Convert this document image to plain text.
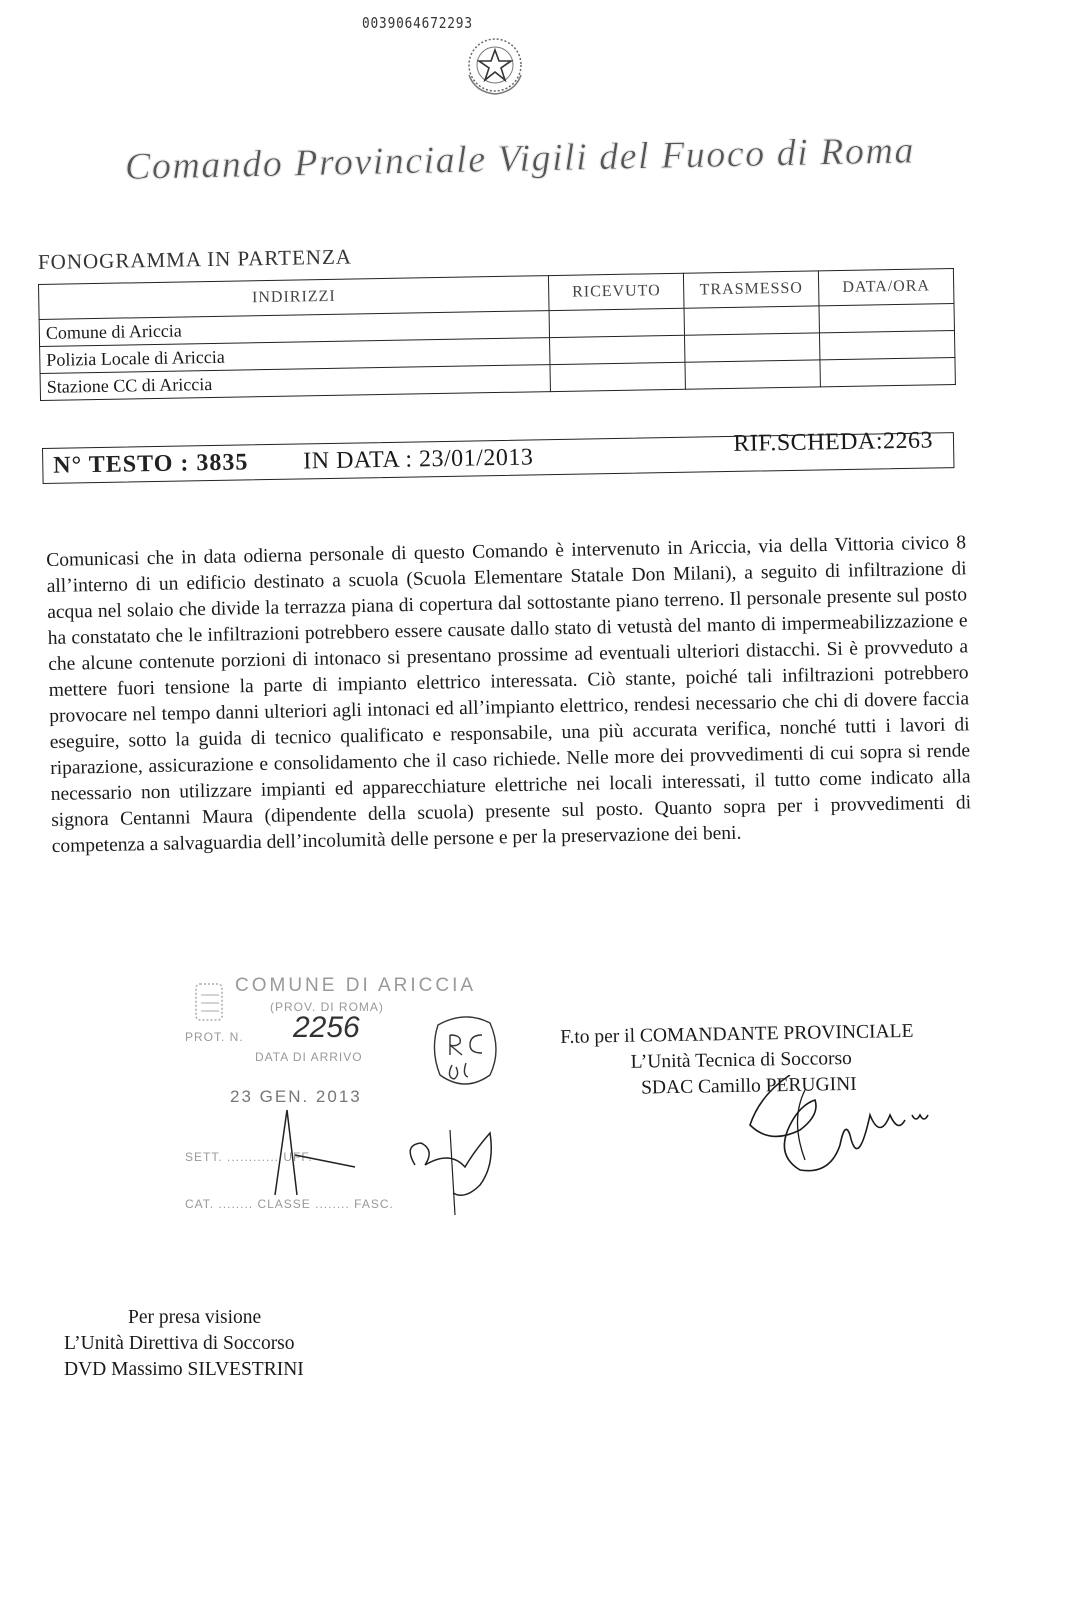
0039064672293
Comando Provinciale Vigili del Fuoco di Roma
FONOGRAMMA IN PARTENZA
INDIRIZZI	RICEVUTO	TRASMESSO	DATA/ORA
Comune di Ariccia			
Polizia Locale di Ariccia			
Stazione CC di Ariccia			
N° TESTO : 3835 IN DATA : 23/01/2013
RIF.SCHEDA:2263
Comunicasi che in data odierna personale di questo Comando è intervenuto in Ariccia, via della Vittoria civico 8 all’interno di un edificio destinato a scuola (Scuola Elementare Statale Don Milani), a seguito di infiltrazione di acqua nel solaio che divide la terrazza piana di copertura dal sottostante piano terreno. Il personale presente sul posto ha constatato che le infiltrazioni potrebbero essere causate dallo stato di vetustà del manto di impermeabilizzazione e che alcune contenute porzioni di intonaco si presentano prossime ad eventuali ulteriori distacchi. Si è provveduto a mettere fuori tensione la parte di impianto elettrico interessata. Ciò stante, poiché tali infiltrazioni potrebbero provocare nel tempo danni ulteriori agli intonaci ed all’impianto elettrico, rendesi necessario che chi di dovere faccia eseguire, sotto la guida di tecnico qualificato e responsabile, una più accurata verifica, nonché tutti i lavori di riparazione, assicurazione e consolidamento che il caso richiede. Nelle more dei provvedimenti di cui sopra si rende necessario non utilizzare impianti ed apparecchiature elettriche nei locali interessati, il tutto come indicato alla signora Centanni Maura (dipendente della scuola) presente sul posto. Quanto sopra per i provvedimenti di competenza a salvaguardia dell’incolumità delle persone e per la preservazione dei beni.
COMUNE DI ARICCIA
(PROV. DI ROMA)
PROT. N. 2256
DATA DI ARRIVO
23 GEN. 2013
SETT. ............ UFF.
CAT. ........ CLASSE ........ FASC.
F.to per il COMANDANTE PROVINCIALE
L’Unità Tecnica di Soccorso
SDAC Camillo PERUGINI
Per presa visione
L’Unità Direttiva di Soccorso
DVD Massimo SILVESTRINI
